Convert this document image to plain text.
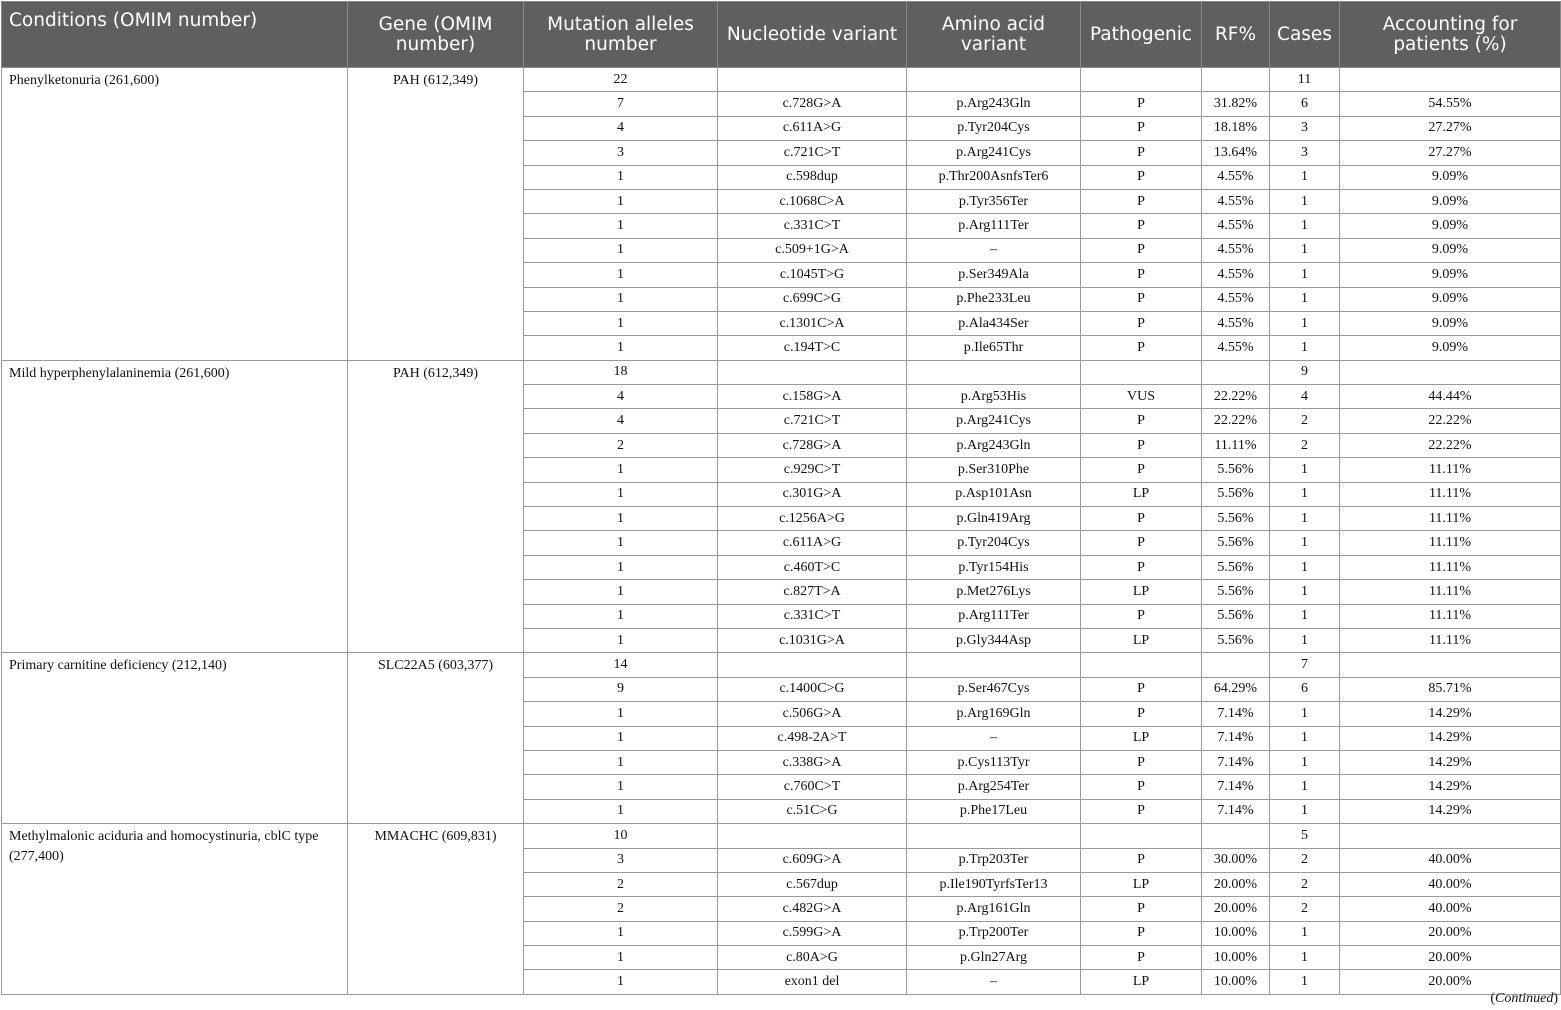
Conditions (OMIM number)	Gene (OMIM number)	Mutation alleles number	Nucleotide variant	Amino acid variant	Pathogenic	RF%	Cases	Accounting for patients (%)
Phenylketonuria (261,600)	PAH (612,349)	22					11	
		7	c.728G>A	p.Arg243Gln	P	31.82%	6	54.55%
		4	c.611A>G	p.Tyr204Cys	P	18.18%	3	27.27%
		3	c.721C>T	p.Arg241Cys	P	13.64%	3	27.27%
		1	c.598dup	p.Thr200AsnfsTer6	P	4.55%	1	9.09%
		1	c.1068C>A	p.Tyr356Ter	P	4.55%	1	9.09%
		1	c.331C>T	p.Arg111Ter	P	4.55%	1	9.09%
		1	c.509+1G>A	–	P	4.55%	1	9.09%
		1	c.1045T>G	p.Ser349Ala	P	4.55%	1	9.09%
		1	c.699C>G	p.Phe233Leu	P	4.55%	1	9.09%
		1	c.1301C>A	p.Ala434Ser	P	4.55%	1	9.09%
		1	c.194T>C	p.Ile65Thr	P	4.55%	1	9.09%
Mild hyperphenylalaninemia (261,600)	PAH (612,349)	18					9	
		4	c.158G>A	p.Arg53His	VUS	22.22%	4	44.44%
		4	c.721C>T	p.Arg241Cys	P	22.22%	2	22.22%
		2	c.728G>A	p.Arg243Gln	P	11.11%	2	22.22%
		1	c.929C>T	p.Ser310Phe	P	5.56%	1	11.11%
		1	c.301G>A	p.Asp101Asn	LP	5.56%	1	11.11%
		1	c.1256A>G	p.Gln419Arg	P	5.56%	1	11.11%
		1	c.611A>G	p.Tyr204Cys	P	5.56%	1	11.11%
		1	c.460T>C	p.Tyr154His	P	5.56%	1	11.11%
		1	c.827T>A	p.Met276Lys	LP	5.56%	1	11.11%
		1	c.331C>T	p.Arg111Ter	P	5.56%	1	11.11%
		1	c.1031G>A	p.Gly344Asp	LP	5.56%	1	11.11%
Primary carnitine deficiency (212,140)	SLC22A5 (603,377)	14					7	
		9	c.1400C>G	p.Ser467Cys	P	64.29%	6	85.71%
		1	c.506G>A	p.Arg169Gln	P	7.14%	1	14.29%
		1	c.498-2A>T	–	LP	7.14%	1	14.29%
		1	c.338G>A	p.Cys113Tyr	P	7.14%	1	14.29%
		1	c.760C>T	p.Arg254Ter	P	7.14%	1	14.29%
		1	c.51C>G	p.Phe17Leu	P	7.14%	1	14.29%
Methylmalonic aciduria and homocystinuria, cblC type (277,400)	MMACHC (609,831)	10					5	
		3	c.609G>A	p.Trp203Ter	P	30.00%	2	40.00%
		2	c.567dup	p.Ile190TyrfsTer13	LP	20.00%	2	40.00%
		2	c.482G>A	p.Arg161Gln	P	20.00%	2	40.00%
		1	c.599G>A	p.Trp200Ter	P	10.00%	1	20.00%
		1	c.80A>G	p.Gln27Arg	P	10.00%	1	20.00%
		1	exon1 del	–	LP	10.00%	1	20.00%
(Continued)
